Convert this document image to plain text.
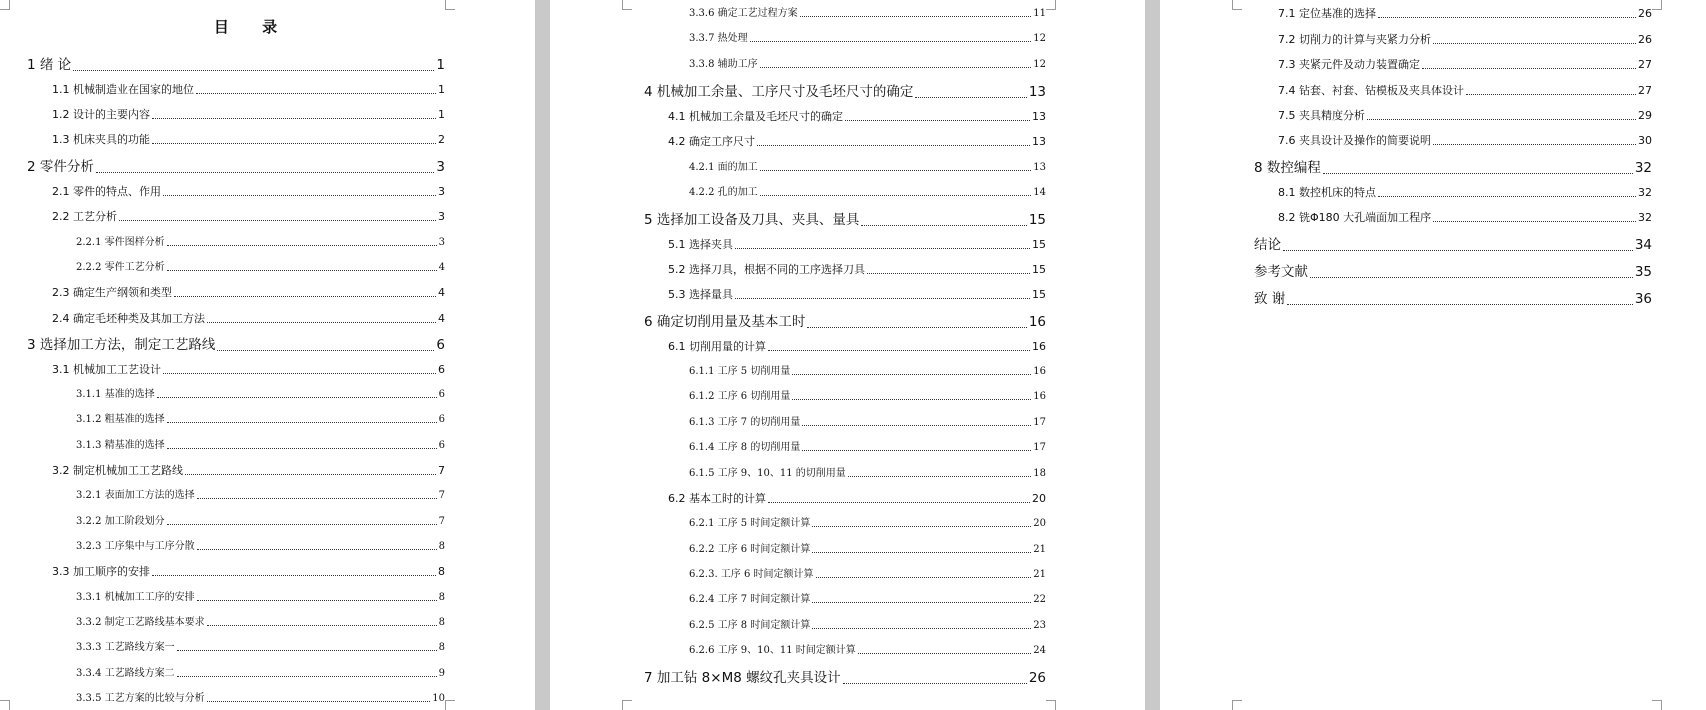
目 录
1 绪 论	1
1.1 机械制造业在国家的地位	1
1.2 设计的主要内容	1
1.3 机床夹具的功能	2
2 零件分析	3
2.1 零件的特点、作用	3
2.2 工艺分析	3
2.2.1 零件图样分析	3
2.2.2 零件工艺分析	4
2.3 确定生产纲领和类型	4
2.4 确定毛坯种类及其加工方法	4
3 选择加工方法，制定工艺路线	6
3.1 机械加工工艺设计	6
3.1.1 基准的选择	6
3.1.2 粗基准的选择	6
3.1.3 精基准的选择	6
3.2 制定机械加工工艺路线	7
3.2.1 表面加工方法的选择	7
3.2.2 加工阶段划分	7
3.2.3 工序集中与工序分散	8
3.3 加工顺序的安排	8
3.3.1 机械加工工序的安排	8
3.3.2 制定工艺路线基本要求	8
3.3.3 工艺路线方案一	8
3.3.4 工艺路线方案二	9
3.3.5 工艺方案的比较与分析	10
3.3.6 确定工艺过程方案	11
3.3.7 热处理	12
3.3.8 辅助工序	12
4 机械加工余量、工序尺寸及毛坯尺寸的确定	13
4.1 机械加工余量及毛坯尺寸的确定	13
4.2 确定工序尺寸	13
4.2.1 面的加工	13
4.2.2 孔的加工	14
5 选择加工设备及刀具、夹具、量具	15
5.1 选择夹具	15
5.2 选择刀具，根据不同的工序选择刀具	15
5.3 选择量具	15
6 确定切削用量及基本工时	16
6.1 切削用量的计算	16
6.1.1 工序 5 切削用量	16
6.1.2 工序 6 切削用量	16
6.1.3 工序 7 的切削用量	17
6.1.4 工序 8 的切削用量	17
6.1.5 工序 9、10、11 的切削用量	18
6.2 基本工时的计算	20
6.2.1 工序 5 时间定额计算	20
6.2.2 工序 6 时间定额计算	21
6.2.3. 工序 6 时间定额计算	21
6.2.4 工序 7 时间定额计算	22
6.2.5 工序 8 时间定额计算	23
6.2.6 工序 9、10、11 时间定额计算	24
7 加工钻 8×M8 螺纹孔夹具设计	26
7.1 定位基准的选择	26
7.2 切削力的计算与夹紧力分析	26
7.3 夹紧元件及动力装置确定	27
7.4 钻套、衬套、钻模板及夹具体设计	27
7.5 夹具精度分析	29
7.6 夹具设计及操作的简要说明	30
8 数控编程	32
8.1 数控机床的特点	32
8.2 铣Φ180 大孔端面加工程序	32
结论	34
参考文献	35
致 谢	36
